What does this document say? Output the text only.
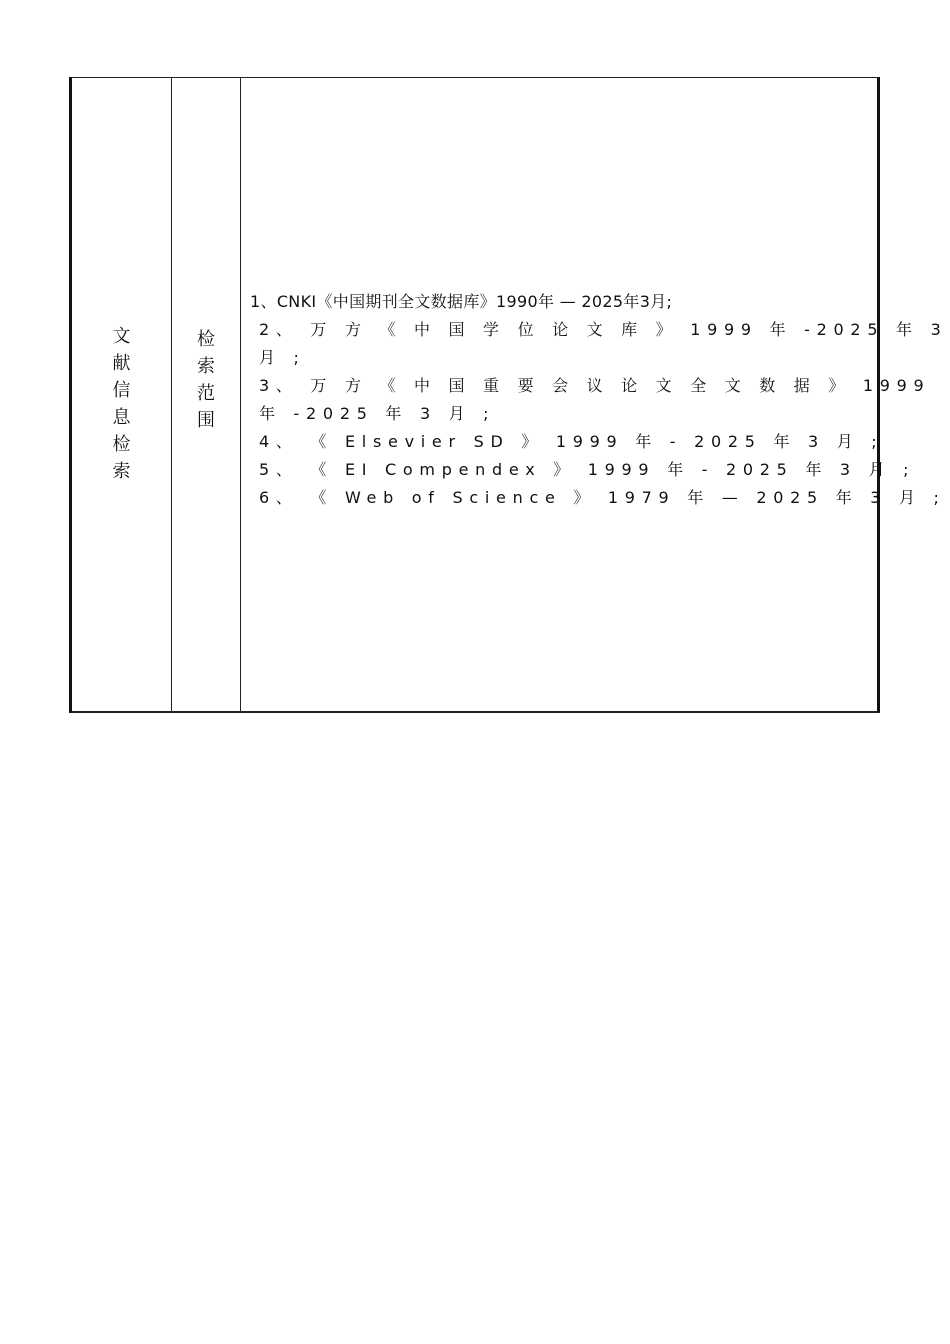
文
献
信
息
检
索
检
索
范
围
1、CNKI《中国期刊全文数据库》1990年 — 2025年3月;
2、 万 方 《 中 国 学 位 论 文 库 》 1999 年 -2025 年 3
月 ;
3、 万 方 《 中 国 重 要 会 议 论 文 全 文 数 据 》 1999
年 -2025 年 3 月 ;
4、 《 Elsevier SD 》 1999 年 - 2025 年 3 月 ;
5、 《 EI Compendex 》 1999 年 - 2025 年 3 月 ;
6、 《 Web of Science 》 1979 年 — 2025 年 3 月 ;
